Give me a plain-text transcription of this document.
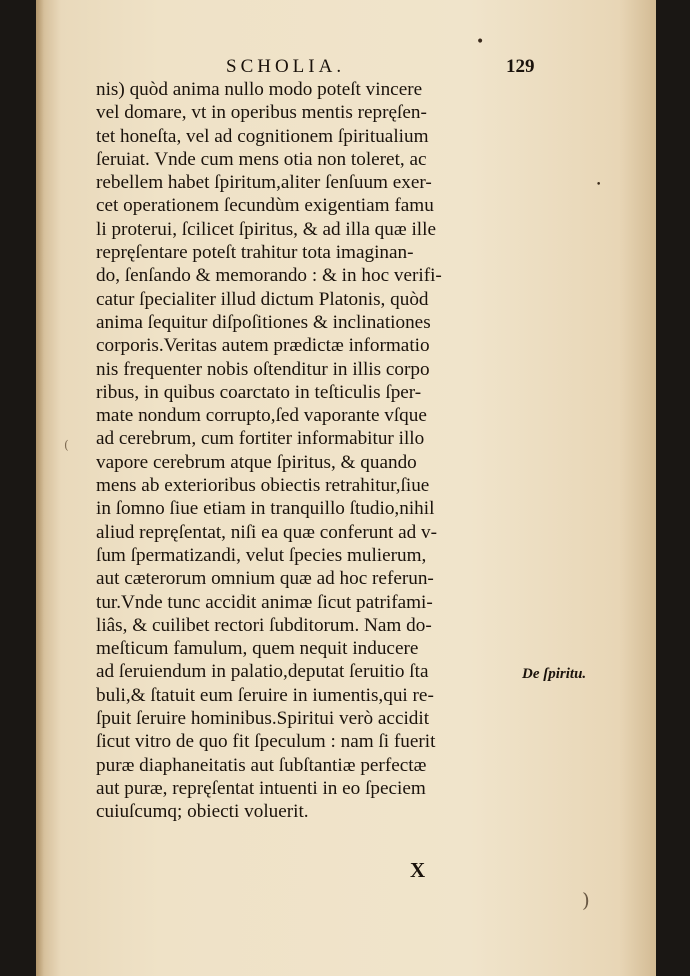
•
•
)
(
SCHOLIA.	129
nis) quòd anima nullo modo poteſt vincere
vel domare, vt in operibus mentis repręſen-
tet honeſta, vel ad cognitionem ſpiritualium
ſeruiat. Vnde cum mens otia non toleret, ac
rebellem habet ſpiritum,aliter ſenſuum exer-
cet operationem ſecundùm exigentiam famu
li proterui, ſcilicet ſpiritus, & ad illa quæ ille
repręſentare poteſt trahitur tota imaginan-
do, ſenſando & memorando : & in hoc verifi-
catur ſpecialiter illud dictum Platonis, quòd
anima ſequitur diſpoſitiones & inclinationes
corporis.Veritas autem prædictæ informatio
nis frequenter nobis oſtenditur in illis corpo
ribus, in quibus coarctato in teſticulis ſper-
mate nondum corrupto,ſed vaporante vſque
ad cerebrum, cum fortiter informabitur illo
vapore cerebrum atque ſpiritus, & quando
mens ab exterioribus obiectis retrahitur,ſiue
in ſomno ſiue etiam in tranquillo ſtudio,nihil
aliud repręſentat, niſi ea quæ conferunt ad v-
ſum ſpermatizandi, velut ſpecies mulierum,
aut cæterorum omnium quæ ad hoc referun-
tur.Vnde tunc accidit animæ ſicut patrifami-
liâs, & cuilibet rectori ſubditorum. Nam do-
meſticum famulum, quem nequit inducere
ad ſeruiendum in palatio,deputat ſeruitio ſta
buli,& ſtatuit eum ſeruire in iumentis,qui re-
ſpuit ſeruire hominibus.Spiritui verò accidit
ſicut vitro de quo fit ſpeculum : nam ſi fuerit
puræ diaphaneitatis aut ſubſtantiæ perfectæ
aut puræ, repręſentat intuenti in eo ſpeciem
cuiuſcumq; obiecti voluerit.
De ſpiritu.
X
